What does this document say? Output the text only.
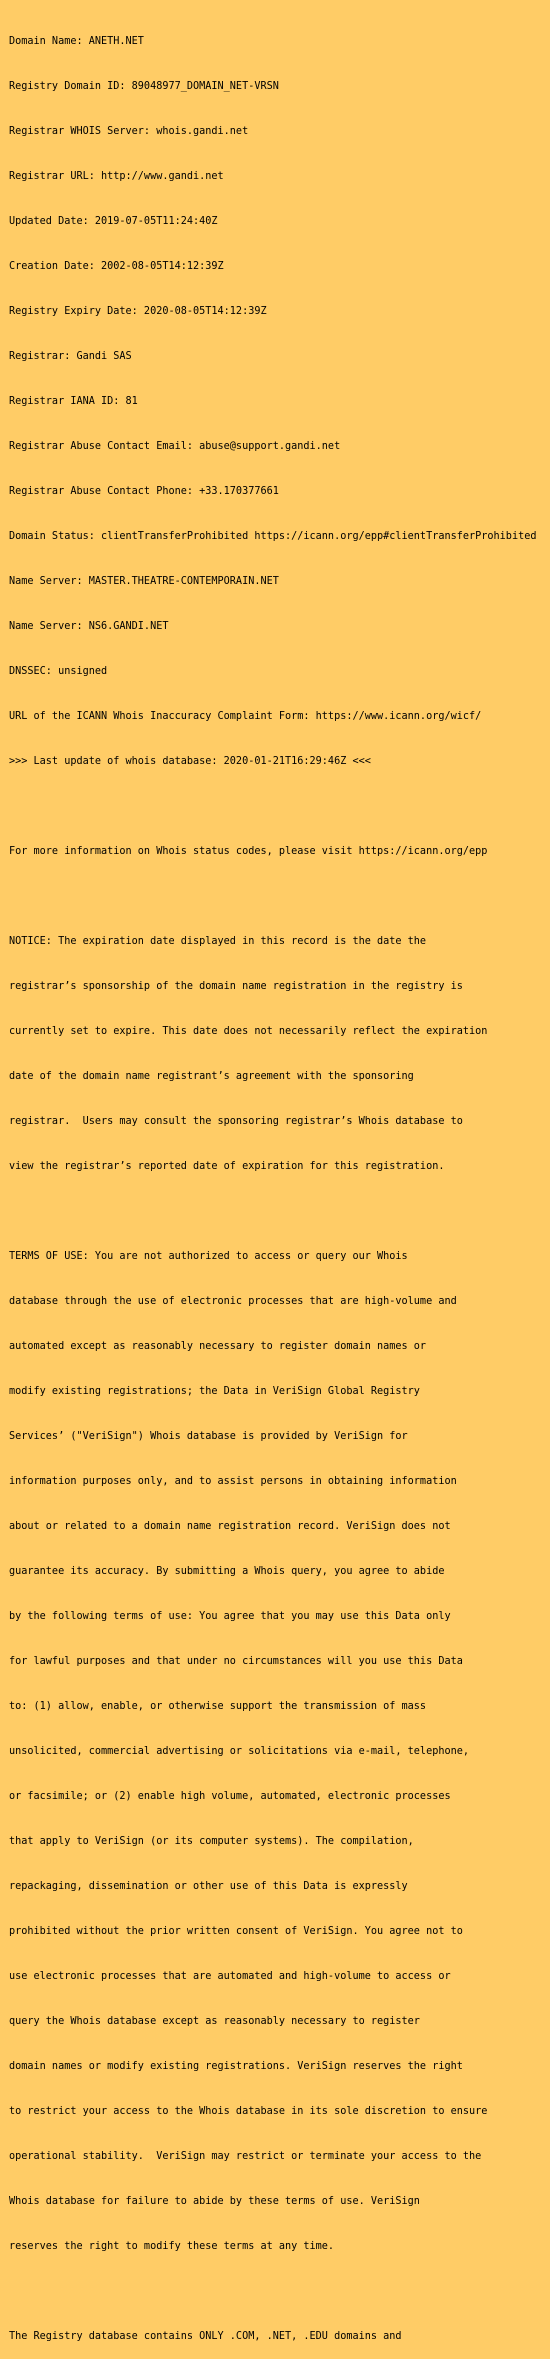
Domain Name: ANETH.NET

Registry Domain ID: 89048977_DOMAIN_NET-VRSN

Registrar WHOIS Server: whois.gandi.net

Registrar URL: http://www.gandi.net

Updated Date: 2019-07-05T11:24:40Z

Creation Date: 2002-08-05T14:12:39Z

Registry Expiry Date: 2020-08-05T14:12:39Z

Registrar: Gandi SAS

Registrar IANA ID: 81

Registrar Abuse Contact Email: abuse@support.gandi.net

Registrar Abuse Contact Phone: +33.170377661

Domain Status: clientTransferProhibited https://icann.org/epp#clientTransferProhibited

Name Server: MASTER.THEATRE-CONTEMPORAIN.NET

Name Server: NS6.GANDI.NET

DNSSEC: unsigned

URL of the ICANN Whois Inaccuracy Complaint Form: https://www.icann.org/wicf/

>>> Last update of whois database: 2020-01-21T16:29:46Z <<<

For more information on Whois status codes, please visit https://icann.org/epp

NOTICE: The expiration date displayed in this record is the date the

registrar’s sponsorship of the domain name registration in the registry is

currently set to expire. This date does not necessarily reflect the expiration

date of the domain name registrant’s agreement with the sponsoring

registrar.  Users may consult the sponsoring registrar’s Whois database to

view the registrar’s reported date of expiration for this registration.

TERMS OF USE: You are not authorized to access or query our Whois

database through the use of electronic processes that are high-volume and

automated except as reasonably necessary to register domain names or

modify existing registrations; the Data in VeriSign Global Registry

Services’ ("VeriSign") Whois database is provided by VeriSign for

information purposes only, and to assist persons in obtaining information

about or related to a domain name registration record. VeriSign does not

guarantee its accuracy. By submitting a Whois query, you agree to abide

by the following terms of use: You agree that you may use this Data only

for lawful purposes and that under no circumstances will you use this Data

to: (1) allow, enable, or otherwise support the transmission of mass

unsolicited, commercial advertising or solicitations via e-mail, telephone,

or facsimile; or (2) enable high volume, automated, electronic processes

that apply to VeriSign (or its computer systems). The compilation,

repackaging, dissemination or other use of this Data is expressly

prohibited without the prior written consent of VeriSign. You agree not to

use electronic processes that are automated and high-volume to access or

query the Whois database except as reasonably necessary to register

domain names or modify existing registrations. VeriSign reserves the right

to restrict your access to the Whois database in its sole discretion to ensure

operational stability.  VeriSign may restrict or terminate your access to the

Whois database for failure to abide by these terms of use. VeriSign

reserves the right to modify these terms at any time.

The Registry database contains ONLY .COM, .NET, .EDU domains and
